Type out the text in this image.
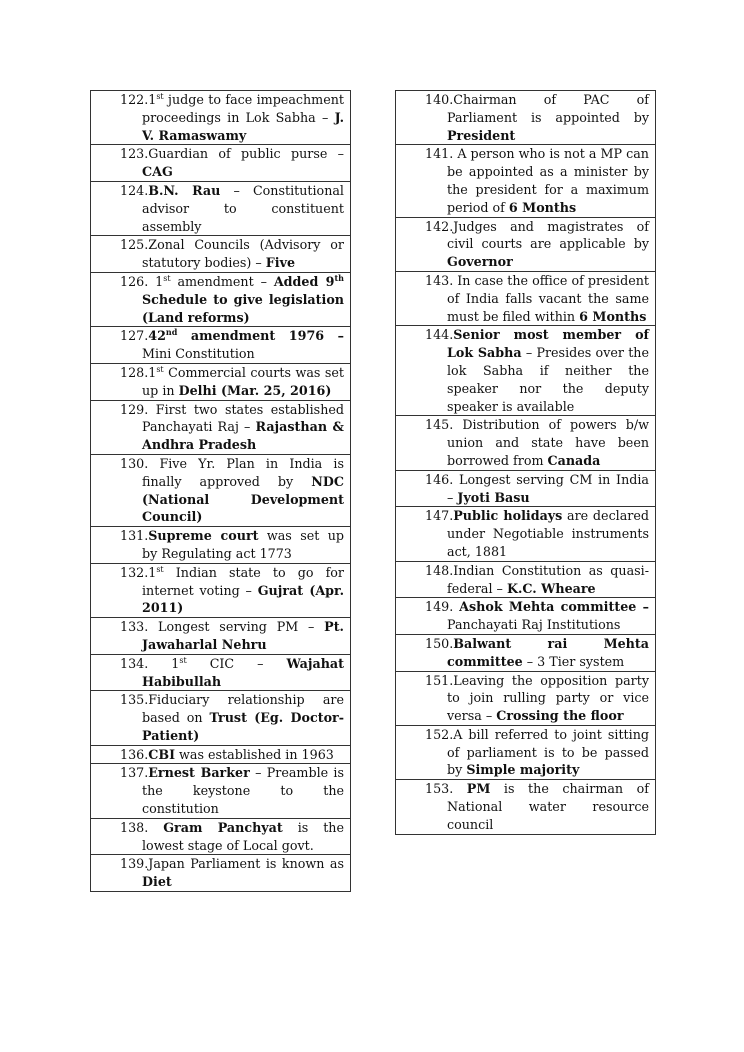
122.1st judge to face impeachment proceedings in Lok Sabha – J. V. Ramaswamy
123.Guardian of public purse – CAG
124.B.N. Rau – Constitutional advisor to constituent assembly
125.Zonal Councils (Advisory or statutory bodies) – Five
126. 1st amendment – Added 9th Schedule to give legislation (Land reforms)
127.42nd amendment 1976 – Mini Constitution
128.1st Commercial courts was set up in Delhi (Mar. 25, 2016)
129. First two states established Panchayati Raj – Rajasthan & Andhra Pradesh
130. Five Yr. Plan in India is finally approved by NDC (National Development Council)
131.Supreme court was set up by Regulating act 1773
132.1st Indian state to go for internet voting – Gujrat (Apr. 2011)
133. Longest serving PM – Pt. Jawaharlal Nehru
134. 1st CIC – Wajahat Habibullah
135.Fiduciary relationship are based on Trust (Eg. Doctor-Patient)
136.CBI was established in 1963
137.Ernest Barker – Preamble is the keystone to the constitution
138. Gram Panchyat is the lowest stage of Local govt.
139.Japan Parliament is known as Diet
140.Chairman of PAC of Parliament is appointed by President
141. A person who is not a MP can be appointed as a minister by the president for a maximum period of 6 Months
142.Judges and magistrates of civil courts are applicable by Governor
143. In case the office of president of India falls vacant the same must be filed within 6 Months
144.Senior most member of Lok Sabha – Presides over the lok Sabha if neither the speaker nor the deputy speaker is available
145. Distribution of powers b/w union and state have been borrowed from Canada
146. Longest serving CM in India – Jyoti Basu
147.Public holidays are declared under Negotiable instruments act, 1881
148.Indian Constitution as quasi-federal – K.C. Wheare
149. Ashok Mehta committee – Panchayati Raj Institutions
150.Balwant rai Mehta committee – 3 Tier system
151.Leaving the opposition party to join rulling party or vice versa – Crossing the floor
152.A bill referred to joint sitting of parliament is to be passed by Simple majority
153. PM is the chairman of National water resource council
